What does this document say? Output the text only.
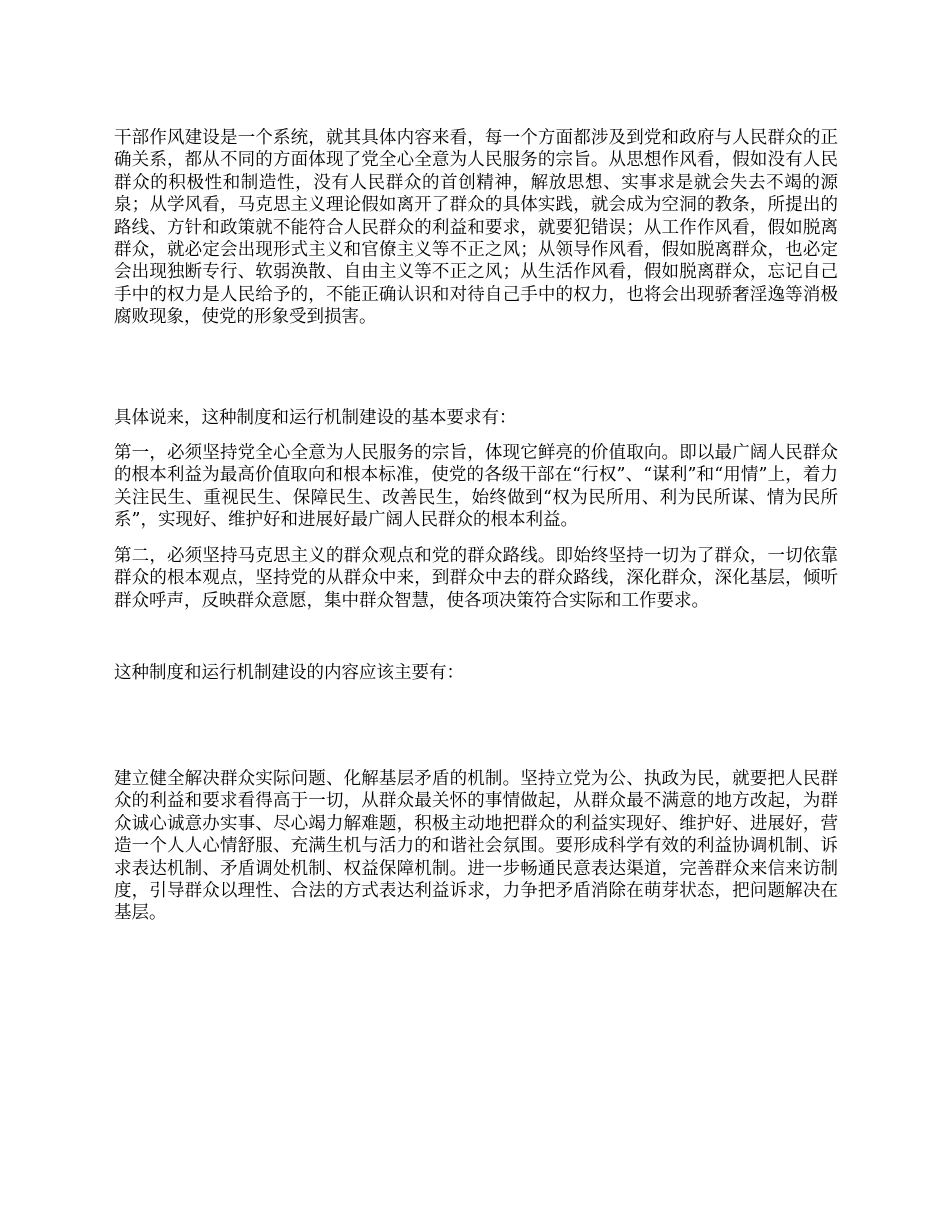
干部作风建设是一个系统，就其具体内容来看，每一个方面都涉及到党和政府与人民群众的正确关系，都从不同的方面体现了党全心全意为人民服务的宗旨。从思想作风看，假如没有人民群众的积极性和制造性，没有人民群众的首创精神，解放思想、实事求是就会失去不竭的源泉；从学风看，马克思主义理论假如离开了群众的具体实践，就会成为空洞的教条，所提出的路线、方针和政策就不能符合人民群众的利益和要求，就要犯错误；从工作作风看，假如脱离群众，就必定会出现形式主义和官僚主义等不正之风；从领导作风看，假如脱离群众，也必定会出现独断专行、软弱涣散、自由主义等不正之风；从生活作风看，假如脱离群众，忘记自己手中的权力是人民给予的，不能正确认识和对待自己手中的权力，也将会出现骄奢淫逸等消极腐败现象，使党的形象受到损害。

具体说来，这种制度和运行机制建设的基本要求有：

第一，必须坚持党全心全意为人民服务的宗旨，体现它鲜亮的价值取向。即以最广阔人民群众的根本利益为最高价值取向和根本标准，使党的各级干部在“行权”、“谋利”和“用情”上，着力关注民生、重视民生、保障民生、改善民生，始终做到“权为民所用、利为民所谋、情为民所系”，实现好、维护好和进展好最广阔人民群众的根本利益。

第二，必须坚持马克思主义的群众观点和党的群众路线。即始终坚持一切为了群众，一切依靠群众的根本观点，坚持党的从群众中来，到群众中去的群众路线，深化群众，深化基层，倾听群众呼声，反映群众意愿，集中群众智慧，使各项决策符合实际和工作要求。

这种制度和运行机制建设的内容应该主要有：

建立健全解决群众实际问题、化解基层矛盾的机制。坚持立党为公、执政为民，就要把人民群众的利益和要求看得高于一切，从群众最关怀的事情做起，从群众最不满意的地方改起，为群众诚心诚意办实事、尽心竭力解难题，积极主动地把群众的利益实现好、维护好、进展好，营造一个人人心情舒服、充满生机与活力的和谐社会氛围。要形成科学有效的利益协调机制、诉求表达机制、矛盾调处机制、权益保障机制。进一步畅通民意表达渠道，完善群众来信来访制度，引导群众以理性、合法的方式表达利益诉求，力争把矛盾消除在萌芽状态，把问题解决在基层。
